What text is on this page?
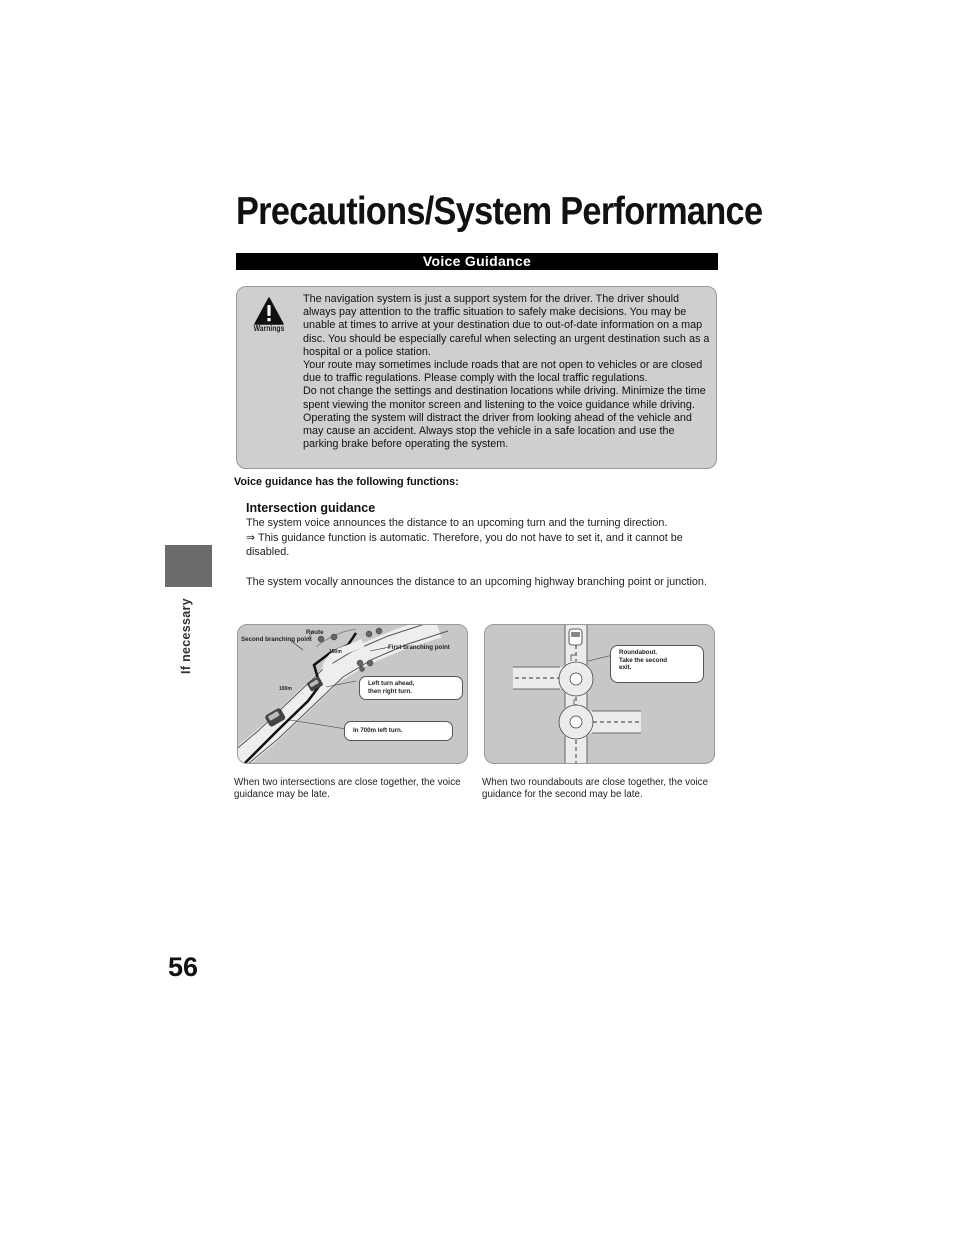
If necessary
56
Precautions/System Performance
Voice Guidance
Warnings

The navigation system is just a support system for the driver. The driver should always pay attention to the traffic situation to safely make decisions. You may be unable at times to arrive at your destination due to out-of-date information on a map disc. You should be especially careful when selecting an urgent destination such as a hospital or a police station.

Your route may sometimes include roads that are not open to vehicles or are closed due to traffic regulations. Please comply with the local traffic regulations.

Do not change the settings and destination locations while driving. Minimize the time spent viewing the monitor screen and listening to the voice guidance while driving. Operating the system will distract the driver from looking ahead of the vehicle and may cause an accident. Always stop the vehicle in a safe location and use the parking brake before operating the system.

Voice guidance has the following functions:
Intersection guidance
The system voice announces the distance to an upcoming turn and the turning direction.
⇒ This guidance function is automatic. Therefore, you do not have to set it, and it cannot be disabled.
The system vocally announces the distance to an upcoming highway branching point or junction.
Route
Second branching point
First branching point
150m
100m
Left turn ahead,
then right turn.
In 700m left turn.
Roundabout.
Take the second
exit.
When two intersections are close together, the voice guidance may be late.
When two roundabouts are close together, the voice guidance for the second may be late.
